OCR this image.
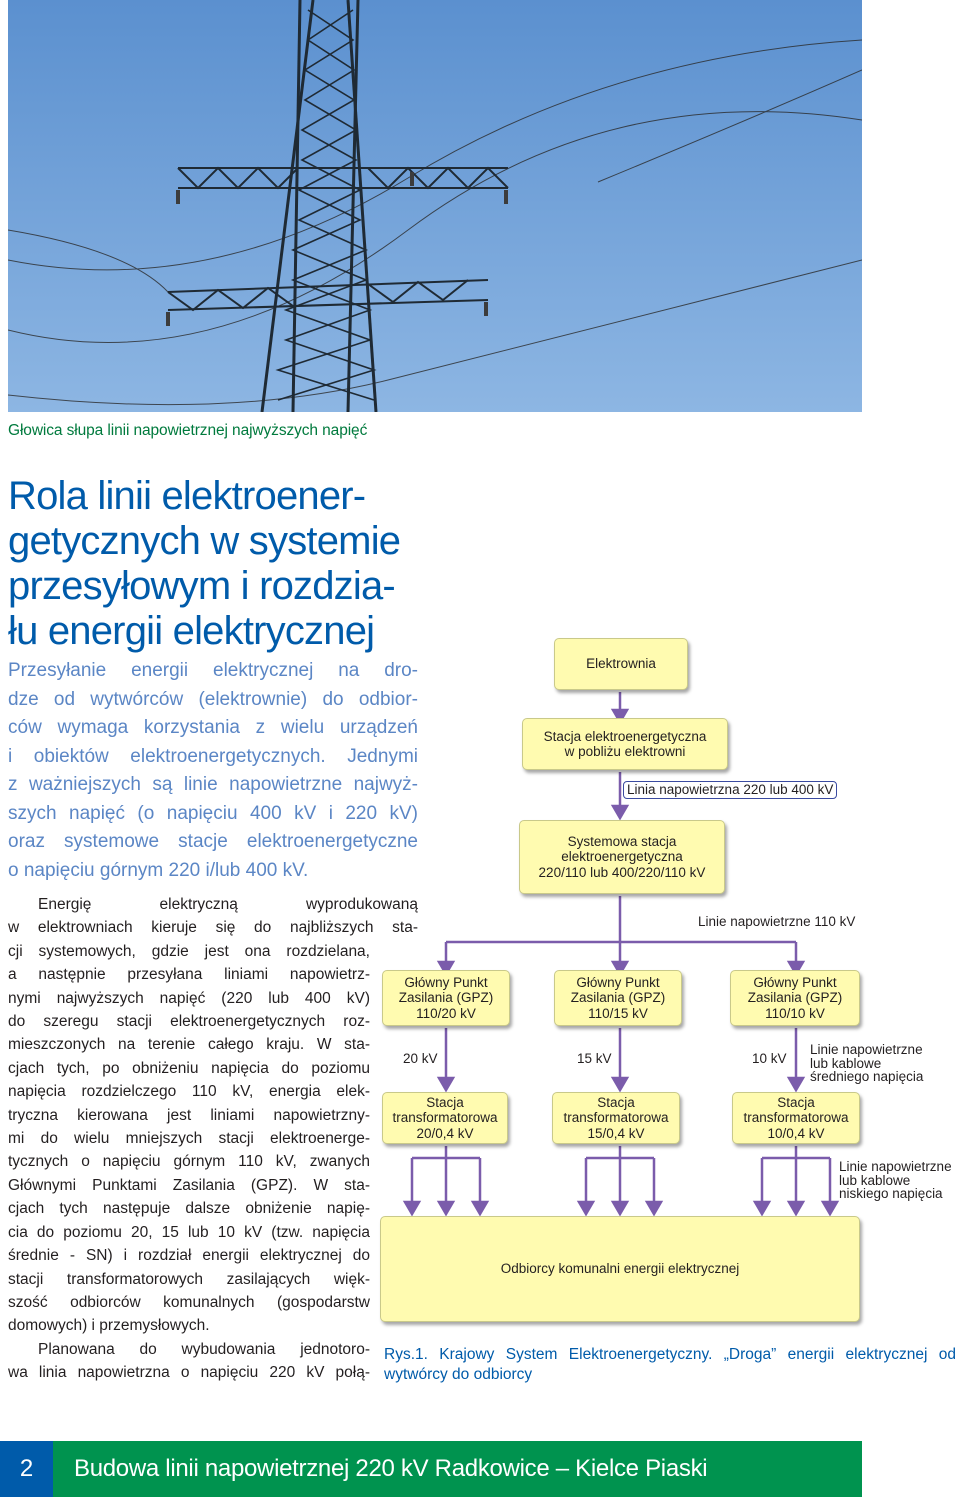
Głowica słupa linii napowietrznej najwyższych napięć
Rola linii elektroener-
getycznych w systemie
przesyłowym i rozdzia-
łu energii elektrycznej
Przesyłanie energii elektrycznej na dro-
dze od wytwórców (elektrownie) do odbior-
ców wymaga korzystania z wielu urządzeń
i obiektów elektroenergetycznych. Jednymi
z ważniejszych są linie napowietrzne najwyż-
szych napięć (o napięciu 400 kV i 220 kV)
oraz systemowe stacje elektroenergetyczne
o napięciu górnym 220 i/lub 400 kV.
Energię elektryczną wyprodukowaną
w elektrowniach kieruje się do najbliższych sta-
cji systemowych, gdzie jest ona rozdzielana,
a następnie przesyłana liniami napowietrz-
nymi najwyższych napięć (220 lub 400 kV)
do szeregu stacji elektroenergetycznych roz-
mieszczonych na terenie całego kraju. W sta-
cjach tych, po obniżeniu napięcia do poziomu
napięcia rozdzielczego 110 kV, energia elek-
tryczna kierowana jest liniami napowietrzny-
mi do wielu mniejszych stacji elektroenerge-
tycznych o napięciu górnym 110 kV, zwanych
Głównymi Punktami Zasilania (GPZ). W sta-
cjach tych następuje dalsze obniżenie napię-
cia do poziomu 20, 15 lub 10 kV (tzw. napięcia
średnie - SN) i rozdział energii elektrycznej do
stacji transformatorowych zasilających więk-
szość odbiorców komunalnych (gospodarstw
domowych) i przemysłowych.
Planowana do wybudowania jednotoro-
wa linia napowietrzna o napięciu 220 kV połą-
Elektrownia
Stacja elektroenergetyczna
w pobliżu elektrowni
Linia napowietrzna 220 lub 400 kV
Systemowa stacja
elektroenergetyczna
220/110 lub 400/220/110 kV
Linie napowietrzne 110 kV
Główny Punkt
Zasilania (GPZ)
110/20 kV
Główny Punkt
Zasilania (GPZ)
110/15 kV
Główny Punkt
Zasilania (GPZ)
110/10 kV
20 kV	15 kV	10 kV
Linie napowietrzne
lub kablowe
średniego napięcia
Stacja
transformatorowa
20/0,4 kV
Stacja
transformatorowa
15/0,4 kV
Stacja
transformatorowa
10/0,4 kV
Linie napowietrzne
lub kablowe
niskiego napięcia
Odbiorcy komunalni energii elektrycznej
Rys.1. Krajowy System Elektroenergetyczny. „Droga” energii elektrycznej od
wytwórcy do odbiorcy
2	Budowa linii napowietrznej 220 kV Radkowice – Kielce Piaski
